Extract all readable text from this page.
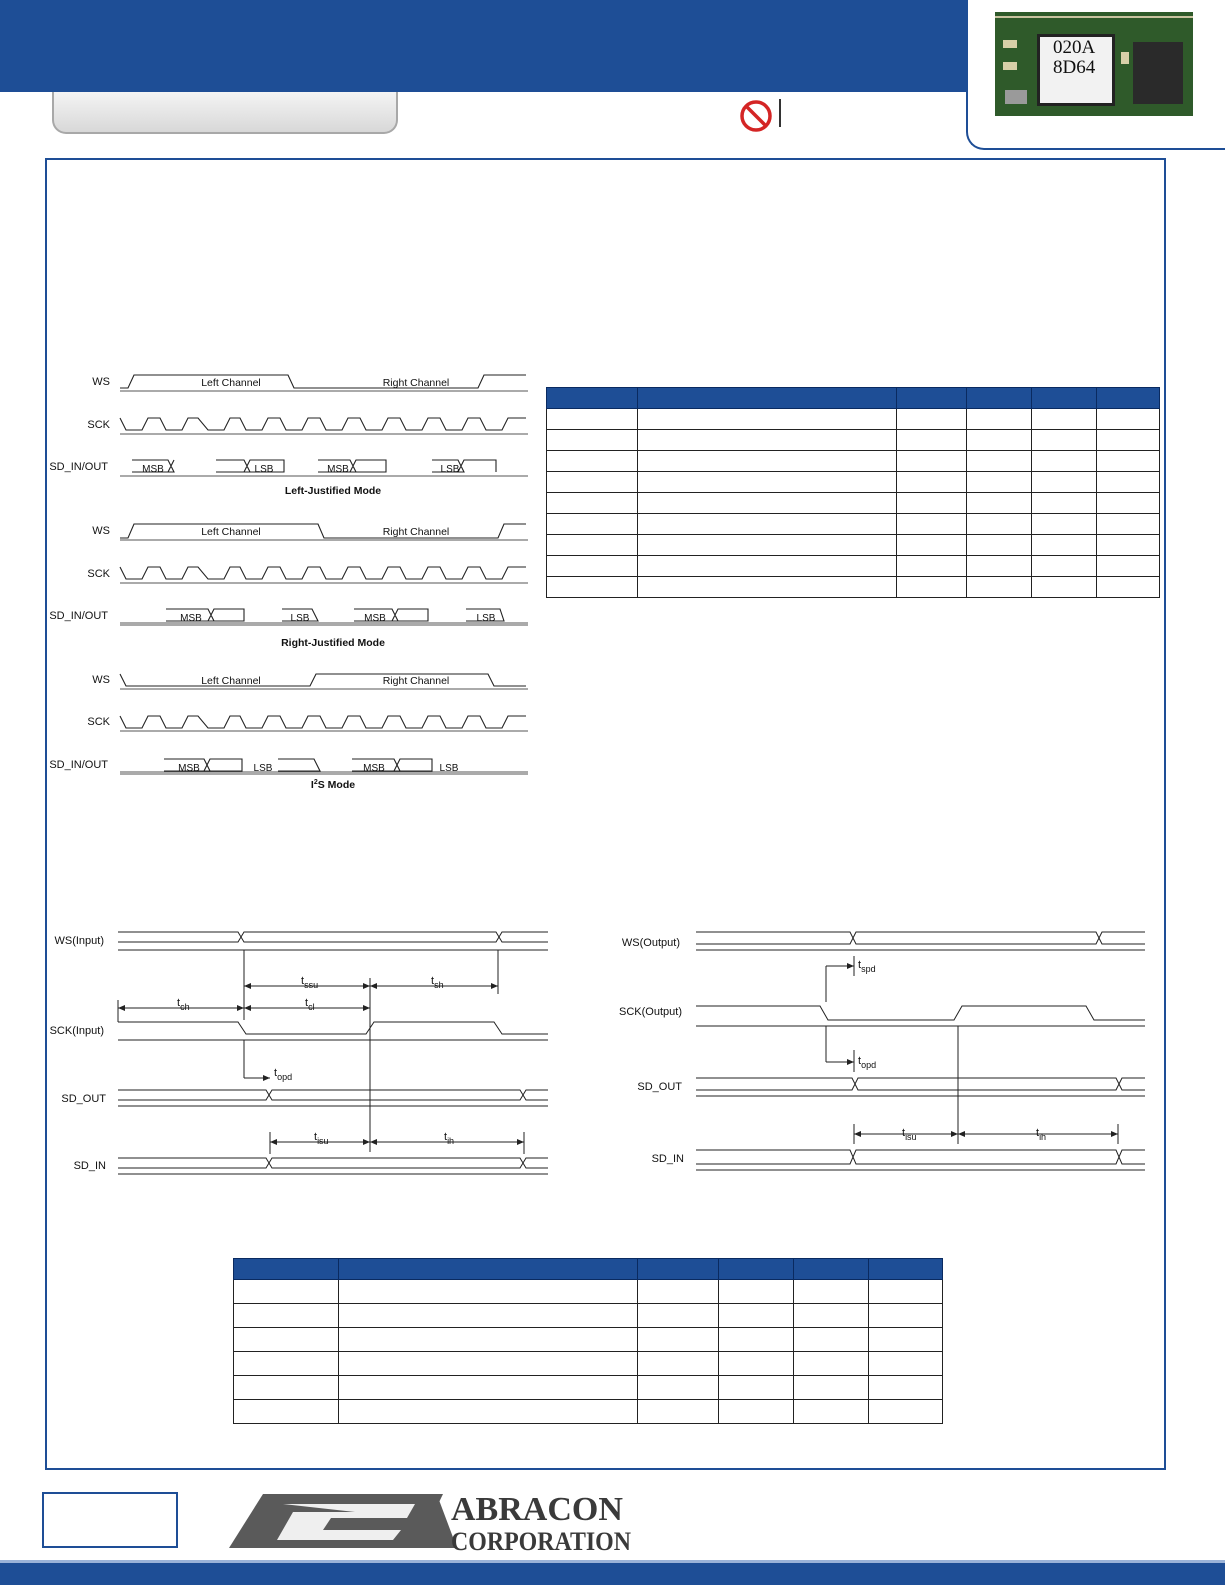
020A
8D64
WS
SCK
SD_IN/OUT
WS
SCK
SD_IN/OUT
WS
SCK
SD_IN/OUT
MSB	LSB	MSB	LSB
MSB	LSB	MSB	LSB
MSB	LSB	MSB	LSB
Left Channel	Right Channel
Left Channel	Right Channel
Left Channel	Right Channel
Left-Justified Mode
Right-Justified Mode
$I^2S$ Mode

WS(Input)
SCK(Input)
SD_OUT
SD_IN
$t_{ssu}$	$t_{sh}$
$t_{ch}$	$t_{cl}$
$t_{opd}$
$t_{isu}$	$t_{ih}$
WS(Output)
SCK(Output)
SD_OUT
SD_IN
$t_{spd}$
$t_{opd}$
$t_{isu}$	$t_{ih}$

ABRACON
CORPORATION
